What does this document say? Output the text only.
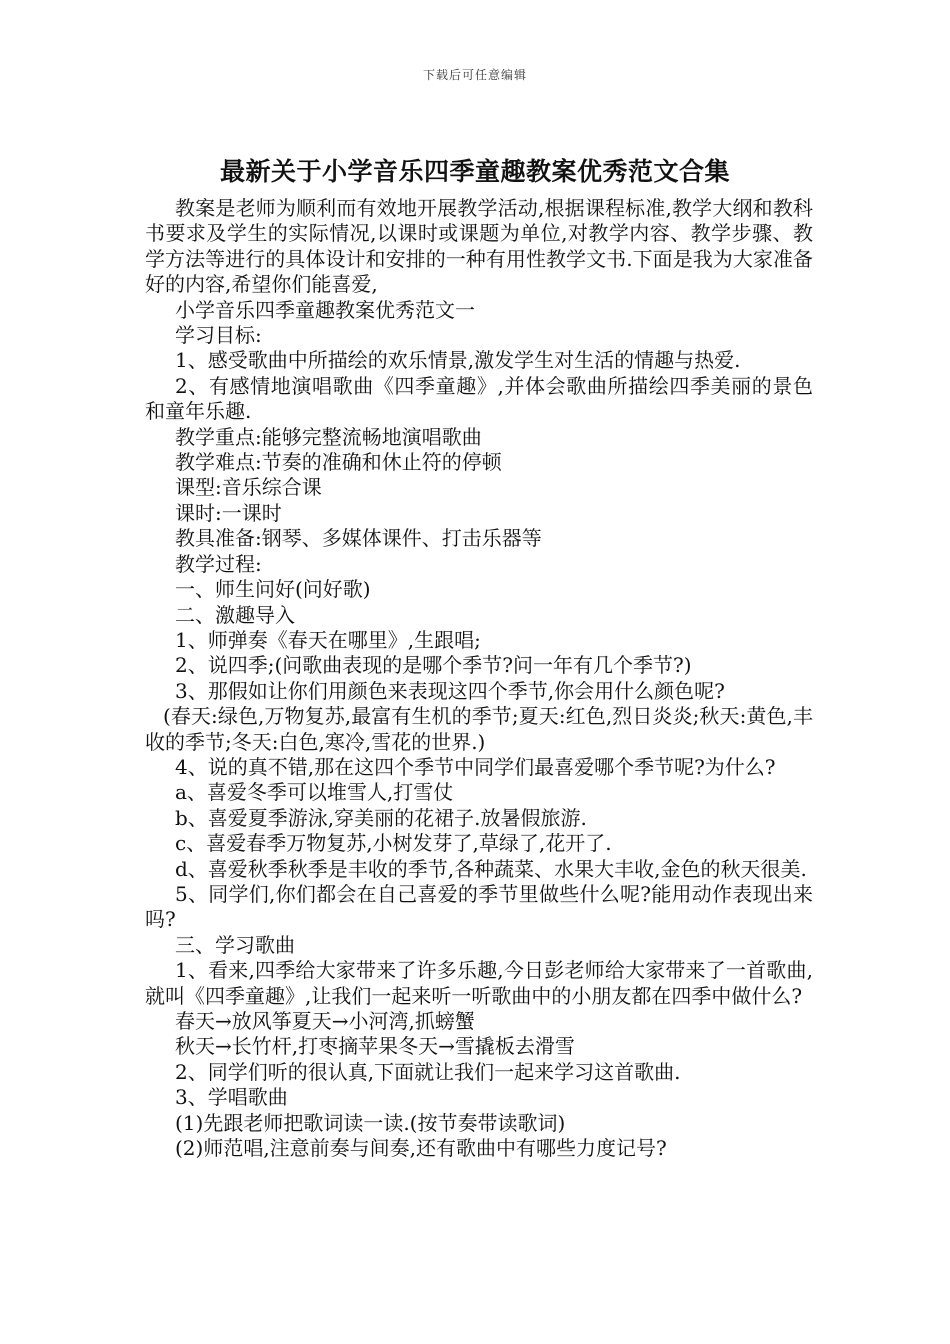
下载后可任意编辑
最新关于小学音乐四季童趣教案优秀范文合集

教案是老师为顺利而有效地开展教学活动,根据课程标准,教学大纲和教科书要求及学生的实际情况,以课时或课题为单位,对教学内容、教学步骤、教学方法等进行的具体设计和安排的一种有用性教学文书.下面是我为大家准备好的内容,希望你们能喜爱,

小学音乐四季童趣教案优秀范文一

学习目标:

1、感受歌曲中所描绘的欢乐情景,激发学生对生活的情趣与热爱.

2、有感情地演唱歌曲《四季童趣》,并体会歌曲所描绘四季美丽的景色和童年乐趣.

教学重点:能够完整流畅地演唱歌曲

教学难点:节奏的准确和休止符的停顿

课型:音乐综合课

课时:一课时

教具准备:钢琴、多媒体课件、打击乐器等

教学过程:

一、师生问好(问好歌)

二、激趣导入

1、师弹奏《春天在哪里》,生跟唱;

2、说四季;(问歌曲表现的是哪个季节?问一年有几个季节?)

3、那假如让你们用颜色来表现这四个季节,你会用什么颜色呢?

(春天:绿色,万物复苏,最富有生机的季节;夏天:红色,烈日炎炎;秋天:黄色,丰收的季节;冬天:白色,寒冷,雪花的世界.)

4、说的真不错,那在这四个季节中同学们最喜爱哪个季节呢?为什么?

a、喜爱冬季可以堆雪人,打雪仗

b、喜爱夏季游泳,穿美丽的花裙子.放暑假旅游.

c、喜爱春季万物复苏,小树发芽了,草绿了,花开了.

d、喜爱秋季秋季是丰收的季节,各种蔬菜、水果大丰收,金色的秋天很美.

5、同学们,你们都会在自己喜爱的季节里做些什么呢?能用动作表现出来吗?

三、学习歌曲

1、看来,四季给大家带来了许多乐趣,今日彭老师给大家带来了一首歌曲,就叫《四季童趣》,让我们一起来听一听歌曲中的小朋友都在四季中做什么?

春天→放风筝夏天→小河湾,抓螃蟹

秋天→长竹杆,打枣摘苹果冬天→雪撬板去滑雪

2、同学们听的很认真,下面就让我们一起来学习这首歌曲.

3、学唱歌曲

(1)先跟老师把歌词读一读.(按节奏带读歌词)

(2)师范唱,注意前奏与间奏,还有歌曲中有哪些力度记号?
